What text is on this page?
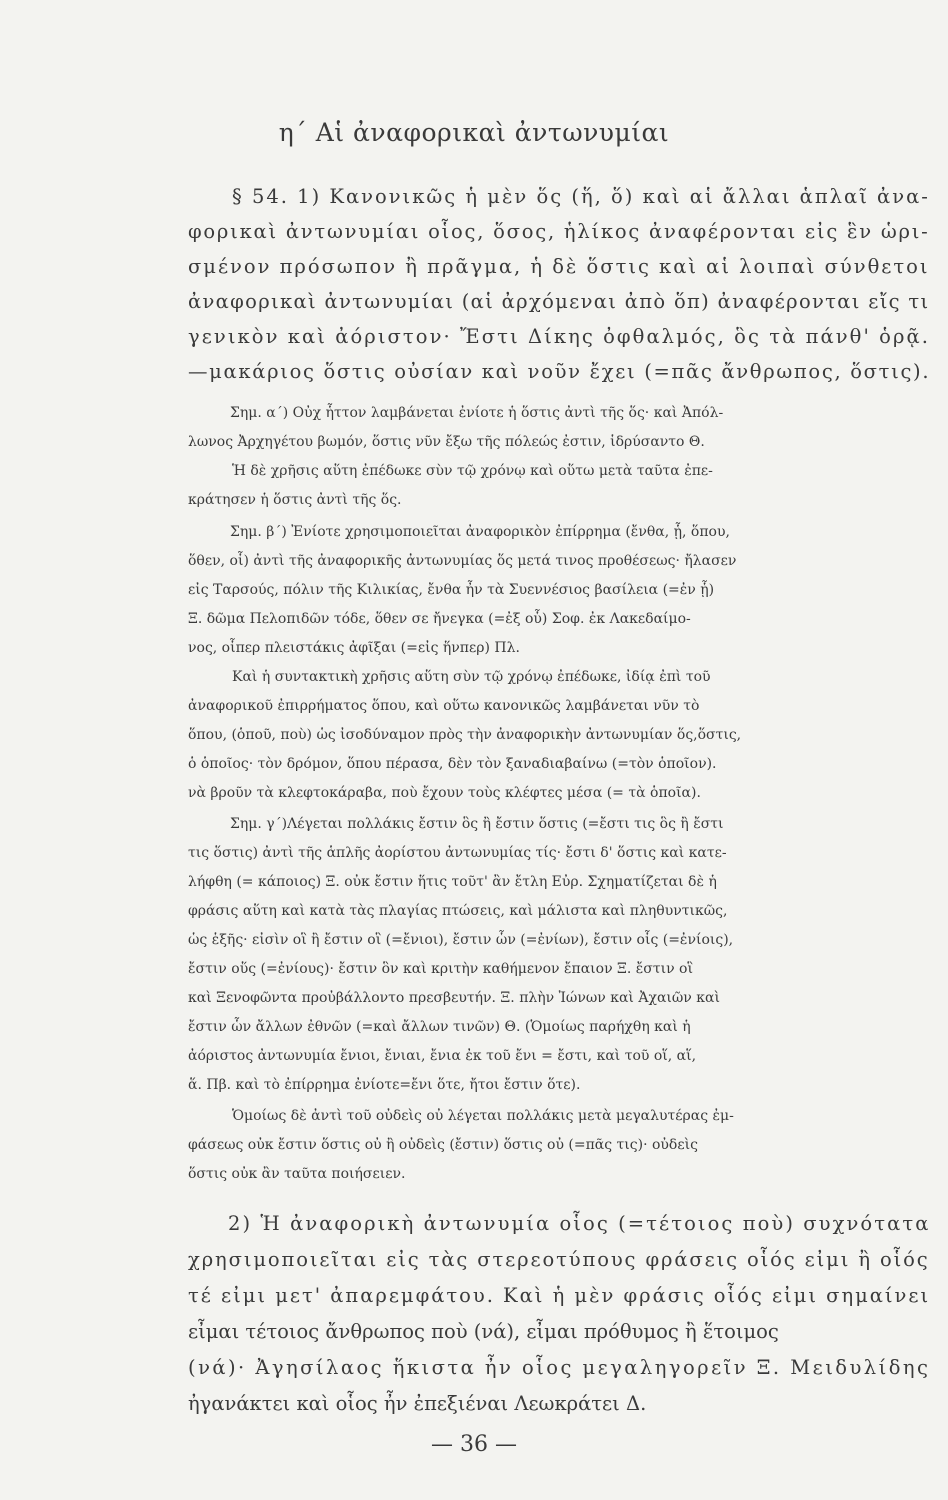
η΄ Αἱ ἀναφορικαὶ ἀντωνυμίαι
§ 54. 1) Κανονικῶς ἡ μὲν ὅς (ἥ, ὅ) καὶ αἱ ἄλλαι ἁπλαῖ ἀνα-
φορικαὶ ἀντωνυμίαι οἷος, ὅσος, ἡλίκος ἀναφέρονται εἰς ἓν ὡρι-
σμένον πρόσωπον ἢ πρᾶγμα, ἡ δὲ ὅστις καὶ αἱ λοιπαὶ σύνθετοι
ἀναφορικαὶ ἀντωνυμίαι (αἱ ἀρχόμεναι ἀπὸ ὅπ) ἀναφέρονται εἴς τι
γενικὸν καὶ ἀόριστον· Ἔστι Δίκης ὀφθαλμός, ὃς τὰ πάνθ' ὁρᾷ.
—μακάριος ὅστις οὐσίαν καὶ νοῦν ἔχει (=πᾶς ἄνθρωπος, ὅστις).
Σημ. α΄) Οὐχ ἧττον λαμβάνεται ἐνίοτε ἡ ὅστις ἀντὶ τῆς ὅς· καὶ Ἀπόλ-
λωνος Ἀρχηγέτου βωμόν, ὅστις νῦν ἔξω τῆς πόλεώς ἐστιν, ἱδρύσαντο Θ.
Ἡ δὲ χρῆσις αὕτη ἐπέδωκε σὺν τῷ χρόνῳ καὶ οὕτω μετὰ ταῦτα ἐπε-
κράτησεν ἡ ὅστις ἀντὶ τῆς ὅς.
Σημ. β΄) Ἐνίοτε χρησιμοποιεῖται ἀναφορικὸν ἐπίρρημα (ἔνθα, ᾗ, ὅπου,
ὅθεν, οἷ) ἀντὶ τῆς ἀναφορικῆς ἀντωνυμίας ὅς μετά τινος προθέσεως· ἤλασεν
εἰς Ταρσούς, πόλιν τῆς Κιλικίας, ἔνθα ἦν τὰ Συεννέσιος βασίλεια (=ἐν ᾗ)
Ξ. δῶμα Πελοπιδῶν τόδε, ὅθεν σε ἤνεγκα (=ἐξ οὗ) Σοφ. ἐκ Λακεδαίμο-
νος, οἷπερ πλειστάκις ἀφῖξαι (=εἰς ἥνπερ) Πλ.
Καὶ ἡ συντακτικὴ χρῆσις αὕτη σὺν τῷ χρόνῳ ἐπέδωκε, ἰδίᾳ ἐπὶ τοῦ
ἀναφορικοῦ ἐπιρρήματος ὅπου, καὶ οὕτω κανονικῶς λαμβάνεται νῦν τὸ
ὅπου, (ὁποῦ, ποὺ) ὡς ἰσοδύναμον πρὸς τὴν ἀναφορικὴν ἀντωνυμίαν ὅς,ὅστις,
ὁ ὁποῖος· τὸν δρόμον, ὅπου πέρασα, δὲν τὸν ξαναδιαβαίνω (=τὸν ὁποῖον).
νὰ βροῦν τὰ κλεφτοκάραβα, ποὺ ἔχουν τοὺς κλέφτες μέσα (= τὰ ὁποῖα).
Σημ. γ΄)Λέγεται πολλάκις ἔστιν ὃς ἢ ἔστιν ὅστις (=ἔστι τις ὃς ἢ ἔστι
τις ὅστις) ἀντὶ τῆς ἁπλῆς ἀορίστου ἀντωνυμίας τίς· ἔστι δ' ὅστις καὶ κατε-
λήφθη (= κάποιος) Ξ. οὐκ ἔστιν ἥτις τοῦτ' ἂν ἔτλη Εὐρ. Σχηματίζεται δὲ ἡ
φράσις αὕτη καὶ κατὰ τὰς πλαγίας πτώσεις, καὶ μάλιστα καὶ πληθυντικῶς,
ὡς ἑξῆς· εἰσὶν οἳ ἢ ἔστιν οἳ (=ἔνιοι), ἔστιν ὧν (=ἐνίων), ἔστιν οἷς (=ἐνίοις),
ἔστιν οὕς (=ἐνίους)· ἔστιν ὃν καὶ κριτὴν καθήμενον ἔπαιον Ξ. ἔστιν οἳ
καὶ Ξενοφῶντα προὐβάλλοντο πρεσβευτήν. Ξ. πλὴν Ἰώνων καὶ Ἀχαιῶν καὶ
ἔστιν ὧν ἄλλων ἐθνῶν (=καὶ ἄλλων τινῶν) Θ. (Ὁμοίως παρήχθη καὶ ἡ
ἀόριστος ἀντωνυμία ἔνιοι, ἔνιαι, ἔνια ἐκ τοῦ ἔνι = ἔστι, καὶ τοῦ οἵ, αἵ,
ἅ. Πβ. καὶ τὸ ἐπίρρημα ἐνίοτε=ἔνι ὅτε, ἤτοι ἔστιν ὅτε).
Ὁμοίως δὲ ἀντὶ τοῦ οὐδεὶς οὐ λέγεται πολλάκις μετὰ μεγαλυτέρας ἐμ-
φάσεως οὐκ ἔστιν ὅστις οὐ ἢ οὐδεὶς (ἔστιν) ὅστις οὐ (=πᾶς τις)· οὐδεὶς
ὅστις οὐκ ἂν ταῦτα ποιήσειεν.
2) Ἡ ἀναφορικὴ ἀντωνυμία οἷος (=τέτοιος ποὺ) συχνότατα
χρησιμοποιεῖται εἰς τὰς στερεοτύπους φράσεις οἷός εἰμι ἢ οἷός
τέ εἰμι μετ' ἀπαρεμφάτου. Καὶ ἡ μὲν φράσις οἷός εἰμι σημαίνει
εἶμαι τέτοιος ἄνθρωπος ποὺ (νά), εἶμαι πρόθυμος ἢ ἕτοιμος
(νά)· Ἀγησίλαος ἥκιστα ἦν οἷος μεγαληγορεῖν Ξ. Μειδυλίδης
ἠγανάκτει καὶ οἷος ἦν ἐπεξιέναι Λεωκράτει Δ.
— 36 —
